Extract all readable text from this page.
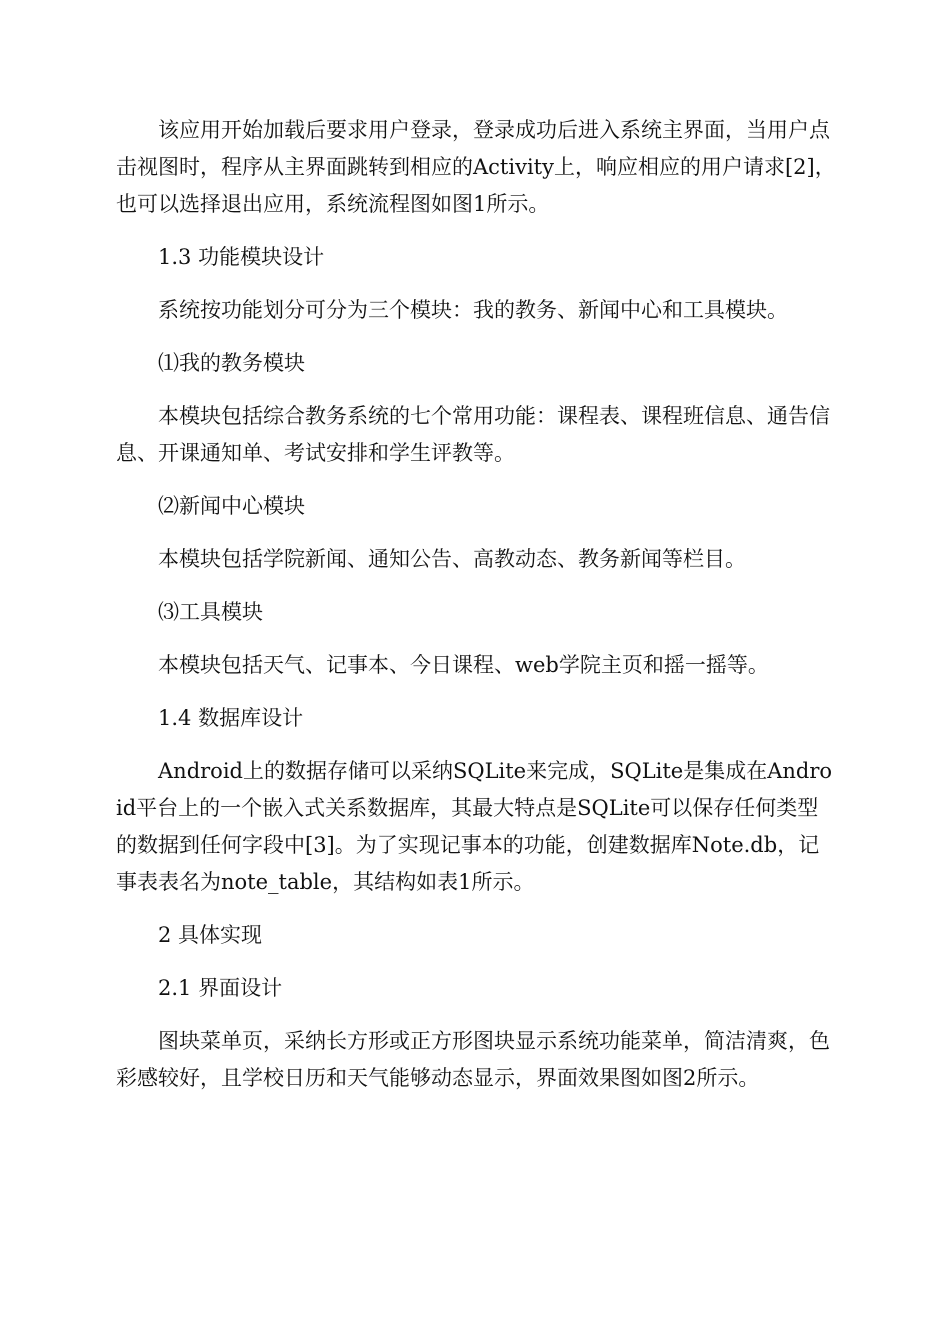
该应用开始加载后要求用户登录，登录成功后进入系统主界面，当用户点击视图时，程序从主界面跳转到相应的Activity上，响应相应的用户请求[2]，也可以选择退出应用，系统流程图如图1所示。

1.3 功能模块设计

系统按功能划分可分为三个模块：我的教务、新闻中心和工具模块。

⑴我的教务模块

本模块包括综合教务系统的七个常用功能：课程表、课程班信息、通告信息、开课通知单、考试安排和学生评教等。

⑵新闻中心模块

本模块包括学院新闻、通知公告、高教动态、教务新闻等栏目。

⑶工具模块

本模块包括天气、记事本、今日课程、web学院主页和摇一摇等。

1.4 数据库设计

Android上的数据存储可以采纳SQLite来完成，SQLite是集成在Android平台上的一个嵌入式关系数据库，其最大特点是SQLite可以保存任何类型的数据到任何字段中[3]。为了实现记事本的功能，创建数据库Note.db，记事表表名为note_table，其结构如表1所示。

2 具体实现

2.1 界面设计

图块菜单页，采纳长方形或正方形图块显示系统功能菜单，简洁清爽，色彩感较好，且学校日历和天气能够动态显示，界面效果图如图2所示。
